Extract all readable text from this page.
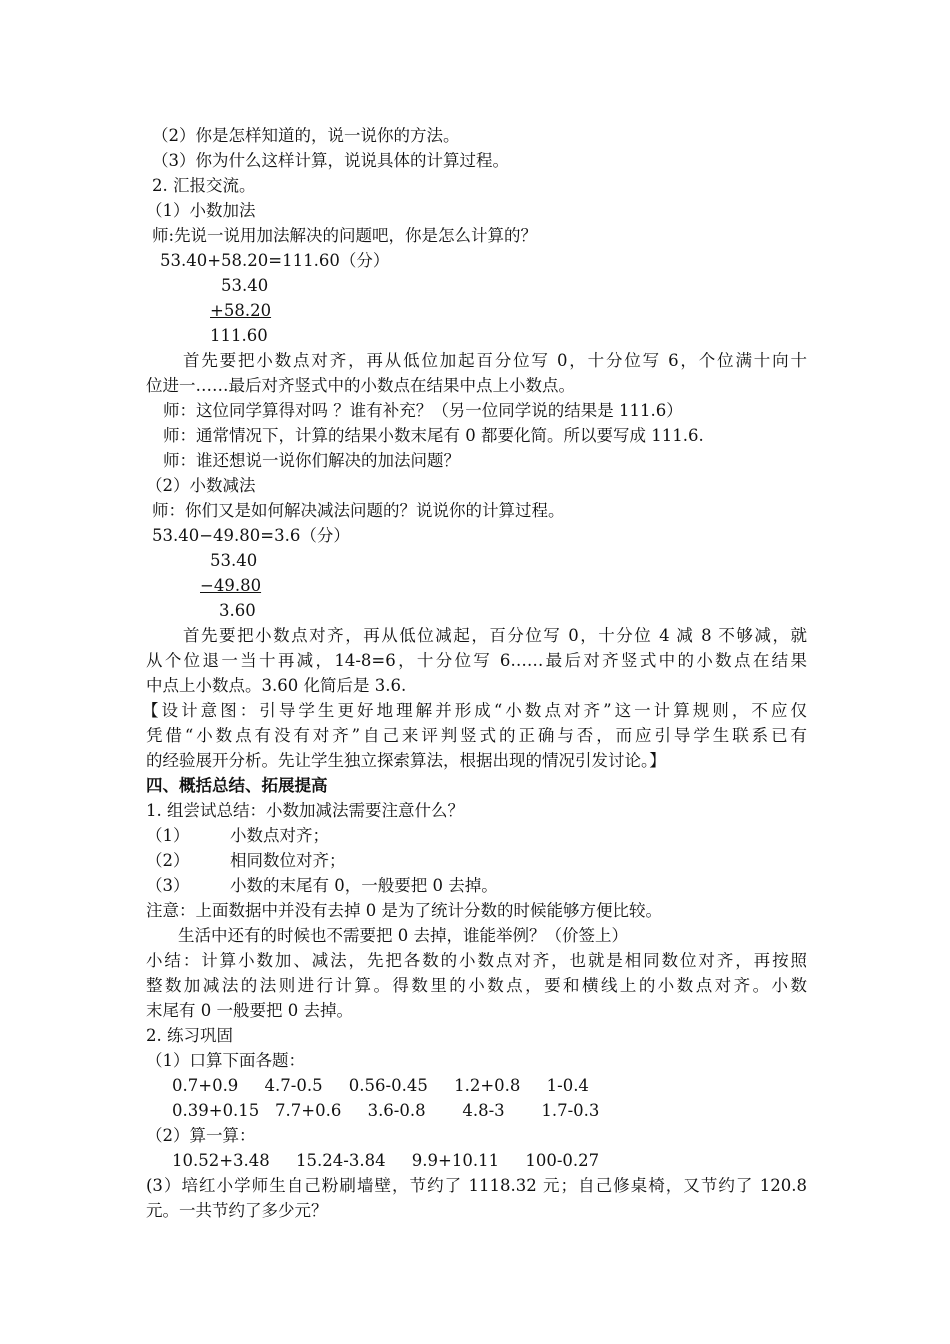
（2）你是怎样知道的，说一说你的方法。
（3）你为什么这样计算，说说具体的计算过程。
2. 汇报交流。
（1）小数加法
师:先说一说用加法解决的问题吧，你是怎么计算的？
53.40+58.20=111.60（分）
53.40
+58.20
111.60
首先要把小数点对齐，再从低位加起百分位写 0，十分位写 6，个位满十向十
位进一……最后对齐竖式中的小数点在结果中点上小数点。
师：这位同学算得对吗 ？谁有补充？（另一位同学说的结果是 111.6）
师：通常情况下，计算的结果小数末尾有 0 都要化简。所以要写成 111.6.
师：谁还想说一说你们解决的加法问题？
（2）小数减法
师：你们又是如何解决减法问题的？说说你的计算过程。
53.40−49.80=3.6（分）
53.40
−49.80
3.60
首先要把小数点对齐，再从低位减起，百分位写 0，十分位 4 减 8 不够减，就
从个位退一当十再减，14-8=6，十分位写 6……最后对齐竖式中的小数点在结果
中点上小数点。3.60 化简后是 3.6.
【设计意图：引导学生更好地理解并形成“小数点对齐”这一计算规则，不应仅
凭借“小数点有没有对齐”自己来评判竖式的正确与否，而应引导学生联系已有
的经验展开分析。先让学生独立探索算法，根据出现的情况引发讨论。】
四、概括总结、拓展提高
1. 组尝试总结：小数加减法需要注意什么？
（1） 小数点对齐；
（2） 相同数位对齐；
（3） 小数的末尾有 0，一般要把 0 去掉。
注意：上面数据中并没有去掉 0 是为了统计分数的时候能够方便比较。
生活中还有的时候也不需要把 0 去掉，谁能举例？（价签上）
小结：计算小数加、减法，先把各数的小数点对齐，也就是相同数位对齐，再按照
整数加减法的法则进行计算。得数里的小数点，要和横线上的小数点对齐。小数
末尾有 0 一般要把 0 去掉。
2. 练习巩固
（1）口算下面各题：
0.7+0.9     4.7-0.5     0.56-0.45     1.2+0.8     1-0.4
0.39+0.15   7.7+0.6     3.6-0.8       4.8-3       1.7-0.3
（2）算一算：
10.52+3.48     15.24-3.84     9.9+10.11     100-0.27
(3）培红小学师生自己粉刷墙壁，节约了 1118.32 元；自己修桌椅，又节约了 120.8
元。一共节约了多少元？
